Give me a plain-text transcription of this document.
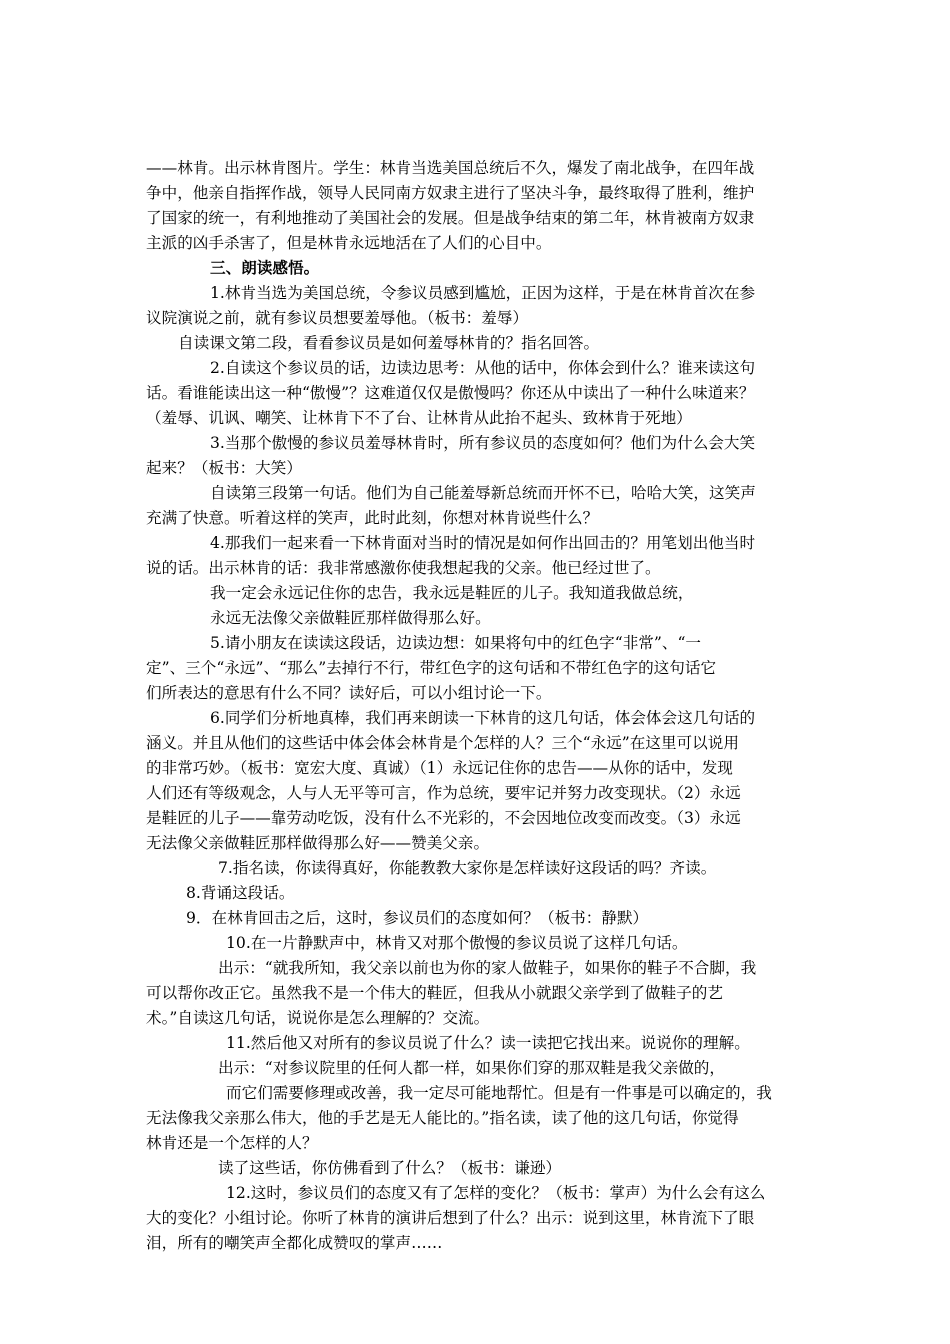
——林肯。出示林肯图片。学生：林肯当选美国总统后不久，爆发了南北战争，在四年战
争中，他亲自指挥作战，领导人民同南方奴隶主进行了坚决斗争，最终取得了胜利，维护
了国家的统一，有利地推动了美国社会的发展。但是战争结束的第二年，林肯被南方奴隶
主派的凶手杀害了，但是林肯永远地活在了人们的心目中。
三、朗读感悟。
1.林肯当选为美国总统，令参议员感到尴尬，正因为这样，于是在林肯首次在参
议院演说之前，就有参议员想要羞辱他。（板书：羞辱）
自读课文第二段，看看参议员是如何羞辱林肯的？指名回答。
2.自读这个参议员的话，边读边思考：从他的话中，你体会到什么？谁来读这句
话。看谁能读出这一种“傲慢”？这难道仅仅是傲慢吗？你还从中读出了一种什么味道来？
（羞辱、讥讽、嘲笑、让林肯下不了台、让林肯从此抬不起头、致林肯于死地）
3.当那个傲慢的参议员羞辱林肯时，所有参议员的态度如何？他们为什么会大笑
起来？（板书：大笑）
自读第三段第一句话。他们为自己能羞辱新总统而开怀不已，哈哈大笑，这笑声
充满了快意。听着这样的笑声，此时此刻，你想对林肯说些什么？
4.那我们一起来看一下林肯面对当时的情况是如何作出回击的？用笔划出他当时
说的话。出示林肯的话：我非常感激你使我想起我的父亲。他已经过世了。
我一定会永远记住你的忠告，我永远是鞋匠的儿子。我知道我做总统，
永远无法像父亲做鞋匠那样做得那么好。
5.请小朋友在读读这段话，边读边想：如果将句中的红色字“非常”、“一
定”、三个“永远”、“那么”去掉行不行，带红色字的这句话和不带红色字的这句话它
们所表达的意思有什么不同？读好后，可以小组讨论一下。
6.同学们分析地真棒，我们再来朗读一下林肯的这几句话，体会体会这几句话的
涵义。并且从他们的这些话中体会体会林肯是个怎样的人？三个“永远”在这里可以说用
的非常巧妙。（板书：宽宏大度、真诚）（1）永远记住你的忠告——从你的话中，发现
人们还有等级观念，人与人无平等可言，作为总统，要牢记并努力改变现状。（2）永远
是鞋匠的儿子——靠劳动吃饭，没有什么不光彩的，不会因地位改变而改变。（3）永远
无法像父亲做鞋匠那样做得那么好——赞美父亲。
7.指名读，你读得真好，你能教教大家你是怎样读好这段话的吗？齐读。
8.背诵这段话。
9．在林肯回击之后，这时，参议员们的态度如何？（板书：静默）
10.在一片静默声中，林肯又对那个傲慢的参议员说了这样几句话。
出示：“就我所知，我父亲以前也为你的家人做鞋子，如果你的鞋子不合脚，我
可以帮你改正它。虽然我不是一个伟大的鞋匠，但我从小就跟父亲学到了做鞋子的艺
术。”自读这几句话，说说你是怎么理解的？交流。
11.然后他又对所有的参议员说了什么？读一读把它找出来。说说你的理解。
出示：“对参议院里的任何人都一样，如果你们穿的那双鞋是我父亲做的，
而它们需要修理或改善，我一定尽可能地帮忙。但是有一件事是可以确定的，我
无法像我父亲那么伟大，他的手艺是无人能比的。”指名读，读了他的这几句话，你觉得
林肯还是一个怎样的人？
读了这些话，你仿佛看到了什么？（板书：谦逊）
12.这时，参议员们的态度又有了怎样的变化？（板书：掌声）为什么会有这么
大的变化？小组讨论。你听了林肯的演讲后想到了什么？出示：说到这里，林肯流下了眼
泪，所有的嘲笑声全都化成赞叹的掌声……
